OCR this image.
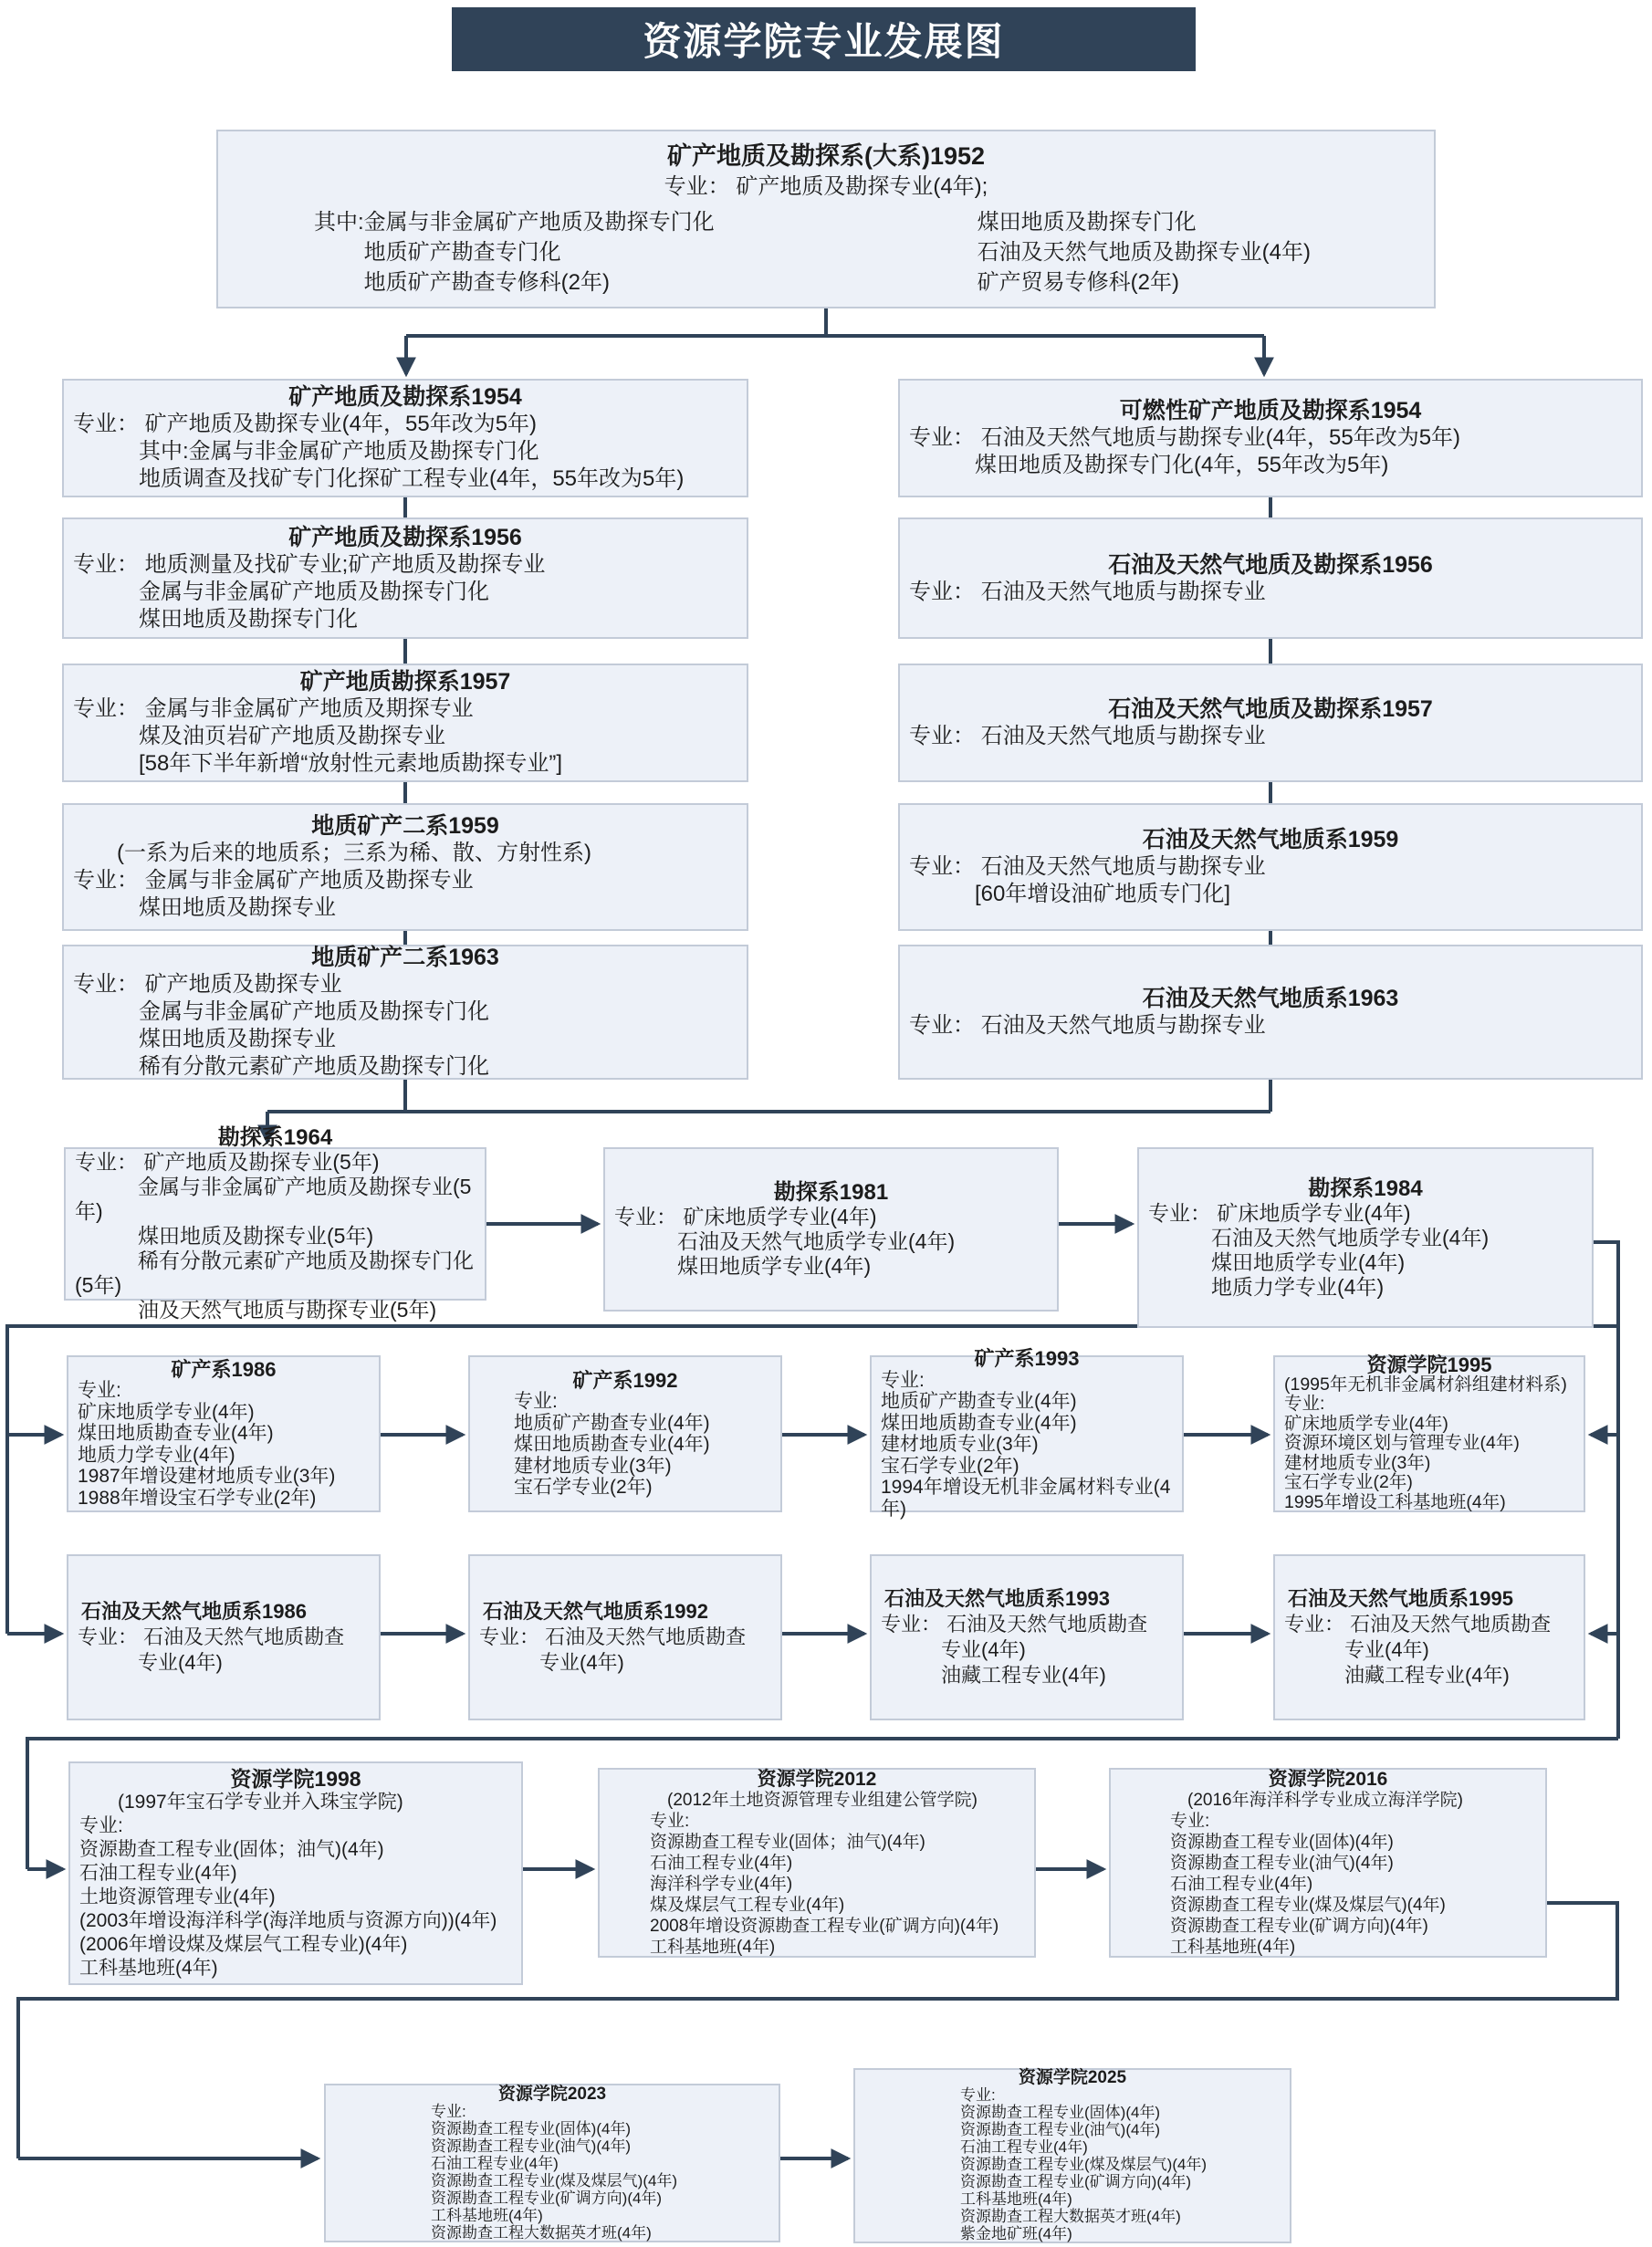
资源学院专业发展图
矿产地质及勘探系(大系)1952
专业： 矿产地质及勘探专业(4年);
其中:金属与非金属矿产地质及勘探专门化
　　 地质矿产勘查专门化
　　 地质矿产勘查专修科(2年)
煤田地质及勘探专门化
石油及天然气地质及勘探专业(4年)
矿产贸易专修科(2年)
矿产地质及勘探系1954
专业： 矿产地质及勘探专业(4年，55年改为5年)
　　　其中:金属与非金属矿产地质及勘探专门化
　　　地质调查及找矿专门化探矿工程专业(4年，55年改为5年)
矿产地质及勘探系1956
专业： 地质测量及找矿专业;矿产地质及勘探专业
　　　金属与非金属矿产地质及勘探专门化
　　　煤田地质及勘探专门化
矿产地质勘探系1957
专业： 金属与非金属矿产地质及期探专业
　　　煤及油页岩矿产地质及勘探专业
　　　[58年下半年新增“放射性元素地质勘探专业”]
地质矿产二系1959
　　(一系为后来的地质系；三系为稀、散、方射性系)
专业： 金属与非金属矿产地质及勘探专业
　　　煤田地质及勘探专业
地质矿产二系1963
专业： 矿产地质及勘探专业
　　　金属与非金属矿产地质及勘探专门化
　　　煤田地质及勘探专业
　　　稀有分散元素矿产地质及勘探专门化
可燃性矿产地质及勘探系1954
专业： 石油及天然气地质与勘探专业(4年，55年改为5年)
　　　煤田地质及勘探专门化(4年，55年改为5年)
石油及天然气地质及勘探系1956
专业： 石油及天然气地质与勘探专业
石油及天然气地质及勘探系1957
专业： 石油及天然气地质与勘探专业
石油及天然气地质系1959
专业： 石油及天然气地质与勘探专业
　　　[60年增设油矿地质专门化]
石油及天然气地质系1963
专业： 石油及天然气地质与勘探专业
勘探系1964
专业： 矿产地质及勘探专业(5年)
　　　金属与非金属矿产地质及勘探专业(5年)
　　　煤田地质及勘探专业(5年)
　　　稀有分散元素矿产地质及勘探专门化(5年)
　　　油及天然气地质与勘探专业(5年)
勘探系1981
专业： 矿床地质学专业(4年)
　　　石油及天然气地质学专业(4年)
　　　煤田地质学专业(4年)
勘探系1984
专业： 矿床地质学专业(4年)
　　　石油及天然气地质学专业(4年)
　　　煤田地质学专业(4年)
　　　地质力学专业(4年)
矿产系1986
专业:
矿床地质学专业(4年)
煤田地质勘查专业(4年)
地质力学专业(4年)
1987年增设建材地质专业(3年)
1988年增设宝石学专业(2年)
矿产系1992
专业:
地质矿产勘查专业(4年)
煤田地质勘查专业(4年)
建材地质专业(3年)
宝石学专业(2年)
矿产系1993
专业:
地质矿产勘查专业(4年)
煤田地质勘查专业(4年)
建材地质专业(3年)
宝石学专业(2年)
1994年增设无机非金属材料专业(4年)
资源学院1995
(1995年无机非金属材斜组建材料系)
专业:
矿床地质学专业(4年)
资源环境区划与管理专业(4年)
建材地质专业(3年)
宝石学专业(2年)
1995年增设工科基地班(4年)
石油及天然气地质系1986
专业： 石油及天然气地质勘查
　　　专业(4年)
石油及天然气地质系1992
专业： 石油及天然气地质勘查
　　　专业(4年)
石油及天然气地质系1993
专业： 石油及天然气地质勘查
　　　专业(4年)
　　　油藏工程专业(4年)
石油及天然气地质系1995
专业： 石油及天然气地质勘查
　　　专业(4年)
　　　油藏工程专业(4年)
资源学院1998
　　(1997年宝石学专业并入珠宝学院)
专业:
资源勘查工程专业(固体；油气)(4年)
石油工程专业(4年)
土地资源管理专业(4年)
(2003年增设海洋科学(海洋地质与资源方向))(4年)
(2006年增设煤及煤层气工程专业)(4年)
工科基地班(4年)
资源学院2012
　(2012年土地资源管理专业组建公管学院)
专业:
资源勘查工程专业(固体；油气)(4年)
石油工程专业(4年)
海洋科学专业(4年)
煤及煤层气工程专业(4年)
2008年增设资源勘查工程专业(矿调方向)(4年)
工科基地班(4年)
资源学院2016
　(2016年海洋科学专业成立海洋学院)
专业:
资源勘查工程专业(固体)(4年)
资源勘查工程专业(油气)(4年)
石油工程专业(4年)
资源勘查工程专业(煤及煤层气)(4年)
资源勘查工程专业(矿调方向)(4年)
工科基地班(4年)
资源学院2023
专业:
资源勘查工程专业(固体)(4年)
资源勘查工程专业(油气)(4年)
石油工程专业(4年)
资源勘查工程专业(煤及煤层气)(4年)
资源勘查工程专业(矿调方向)(4年)
工科基地班(4年)
资源勘查工程大数据英才班(4年)
资源学院2025
专业:
资源勘查工程专业(固体)(4年)
资源勘查工程专业(油气)(4年)
石油工程专业(4年)
资源勘查工程专业(煤及煤层气)(4年)
资源勘查工程专业(矿调方向)(4年)
工科基地班(4年)
资源勘查工程大数据英才班(4年)
紫金地矿班(4年)
